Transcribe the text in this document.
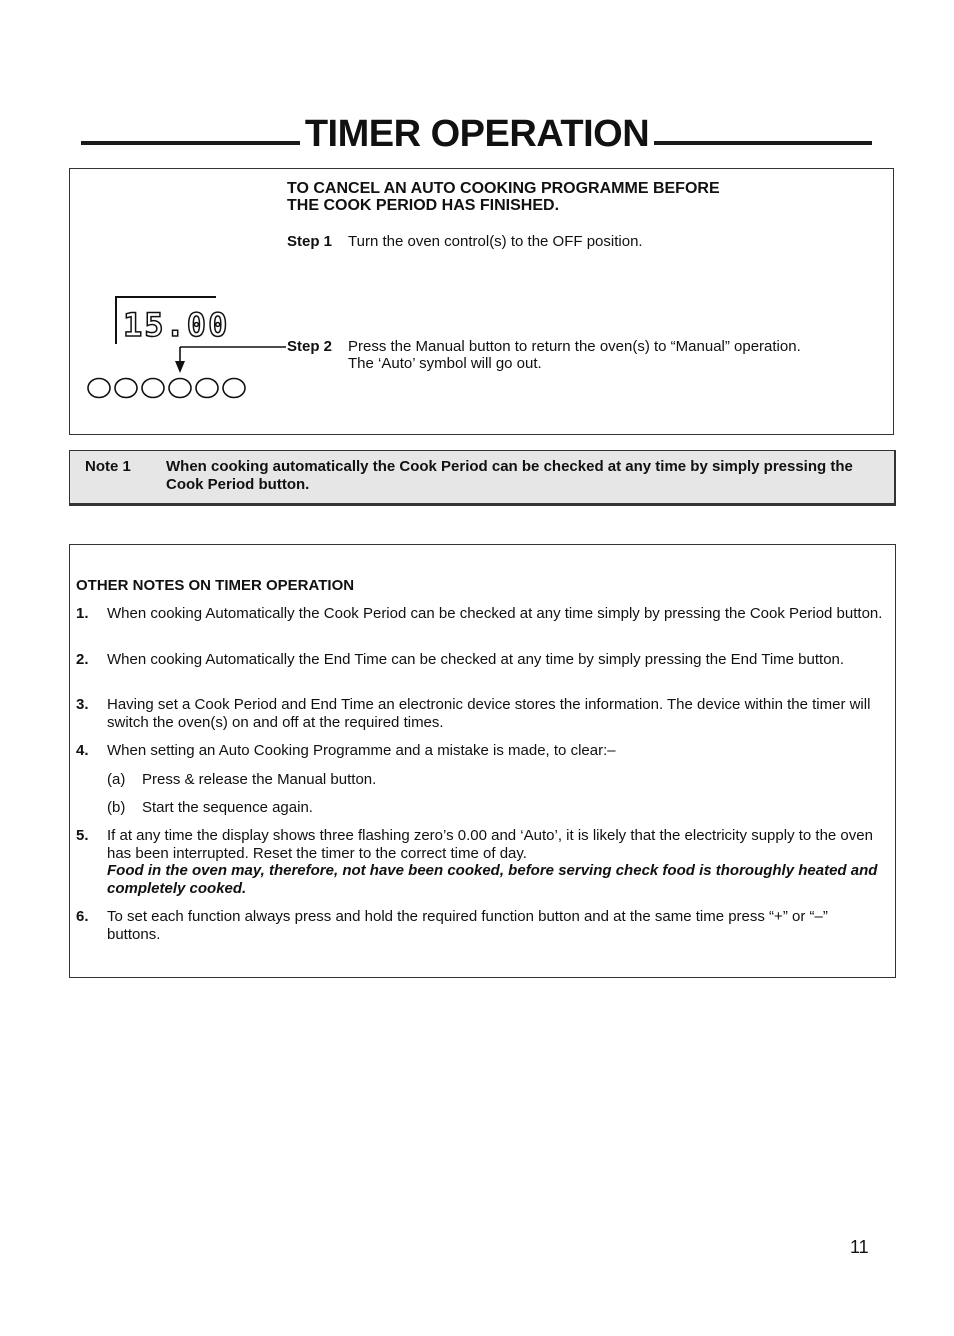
TIMER OPERATION
TO CANCEL AN AUTO COOKING PROGRAMME BEFORE
THE COOK PERIOD HAS FINISHED.
Step 1 Turn the oven control(s) to the OFF position.
Step 2 Press the Manual button to return the oven(s) to “Manual” operation.
The ‘Auto’ symbol will go out.
15.00
Note 1 When cooking automatically the Cook Period can be checked at any time by simply pressing the Cook Period button.
OTHER NOTES ON TIMER OPERATION
1. When cooking Automatically the Cook Period can be checked at any time simply by pressing the Cook Period button.
2. When cooking Automatically the End Time can be checked at any time by simply pressing the End Time button.
3. Having set a Cook Period and End Time an electronic device stores the information. The device within the timer will switch the oven(s) on and off at the required times.
4. When setting an Auto Cooking Programme and a mistake is made, to clear:–
(a) Press & release the Manual button.
(b) Start the sequence again.
5. If at any time the display shows three flashing zero’s 0.00 and ‘Auto’, it is likely that the electricity supply to the oven has been interrupted. Reset the timer to the correct time of day.
Food in the oven may, therefore, not have been cooked, before serving check food is thoroughly heated and completely cooked.
6. To set each function always press and hold the required function button and at the same time press “+” or “–” buttons.
11
